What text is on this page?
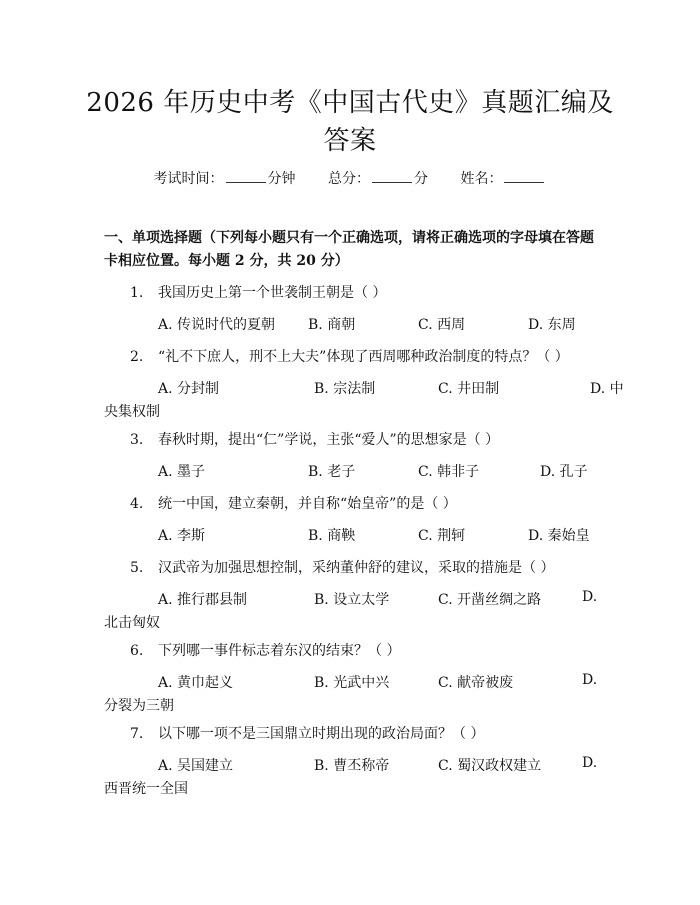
2026 年历史中考《中国古代史》真题汇编及
答案
考试时间：	分钟 总分：	分 姓名：
一、单项选择题（下列每小题只有一个正确选项，请将正确选项的字母填在答题
卡相应位置。每小题 2 分，共 20 分）
1. 我国历史上第一个世袭制王朝是（ ）
A. 传说时代的夏朝 B. 商朝	C. 西周	D. 东周
2. “礼不下庶人，刑不上大夫”体现了西周哪种政治制度的特点？（ ）
A. 分封制	B. 宗法制	C. 井田制	D. 中
央集权制
3. 春秋时期，提出“仁”学说，主张“爱人”的思想家是（ ）
A. 墨子	B. 老子	C. 韩非子	D. 孔子
4. 统一中国，建立秦朝，并自称“始皇帝”的是（ ）
A. 李斯	B. 商鞅	C. 荆轲	D. 秦始皇
5. 汉武帝为加强思想控制，采纳董仲舒的建议，采取的措施是（ ）
A. 推行郡县制	B. 设立太学	C. 开凿丝绸之路	D.
北击匈奴
6. 下列哪一事件标志着东汉的结束？（ ）
A. 黄巾起义	B. 光武中兴	C. 献帝被废	D.
分裂为三朝
7. 以下哪一项不是三国鼎立时期出现的政治局面？（ ）
A. 吴国建立	B. 曹丕称帝	C. 蜀汉政权建立	D.
西晋统一全国
